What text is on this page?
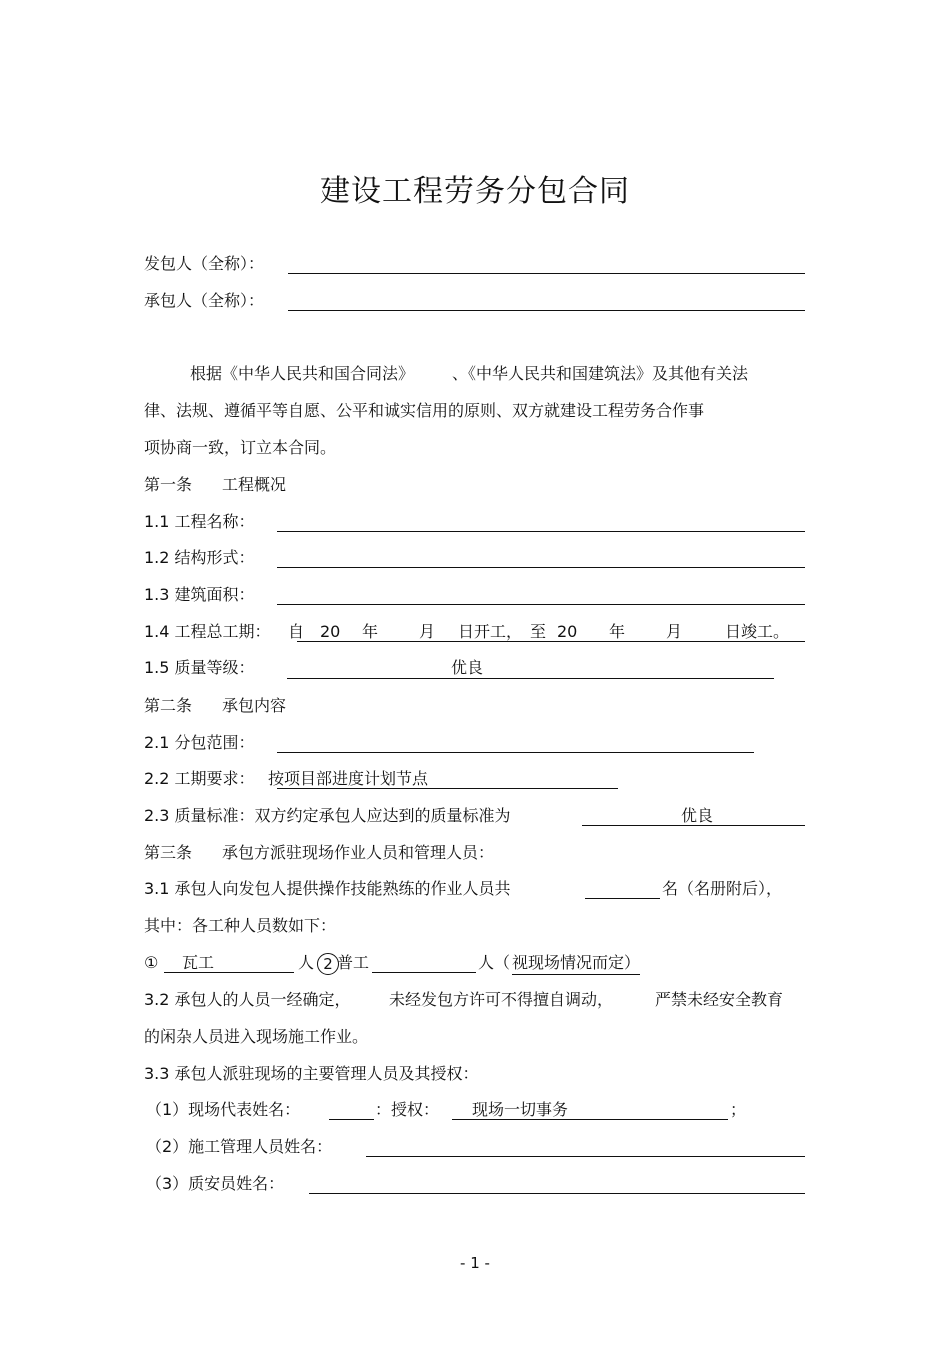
建设工程劳务分包合同
发包人（全称）：
承包人（全称）：
根据《中华人民共和国合同法》 、《中华人民共和国建筑法》及其他有关法
律、法规、遵循平等自愿、公平和诚实信用的原则、双方就建设工程劳务合作事
项协商一致，订立本合同。
第一条 工程概况
1.1 工程名称：
1.2 结构形式：
1.3 建筑面积：
1.4 工程总工期： 自 20 年	月 日开工， 至 20 年	月	日竣工。
1.5 质量等级：	优良
第二条 承包内容
2.1 分包范围：
2.2 工期要求： 按项目部进度计划节点
2.3 质量标准：双方约定承包人应达到的质量标准为	优良
第三条 承包方派驻现场作业人员和管理人员：
3.1 承包人向发包人提供操作技能熟练的作业人员共	名（名册附后），
其中：各工种人员数如下：
① 瓦工	人 2 普工	人（ 视现场情况而定）
3.2 承包人的人员一经确定， 未经发包方许可不得擅自调动，	严禁未经安全教育
的闲杂人员进入现场施工作业。
3.3 承包人派驻现场的主要管理人员及其授权：
（1）现场代表姓名：	：授权： 现场一切事务	；
（2）施工管理人员姓名：
（3）质安员姓名：
- 1 -
